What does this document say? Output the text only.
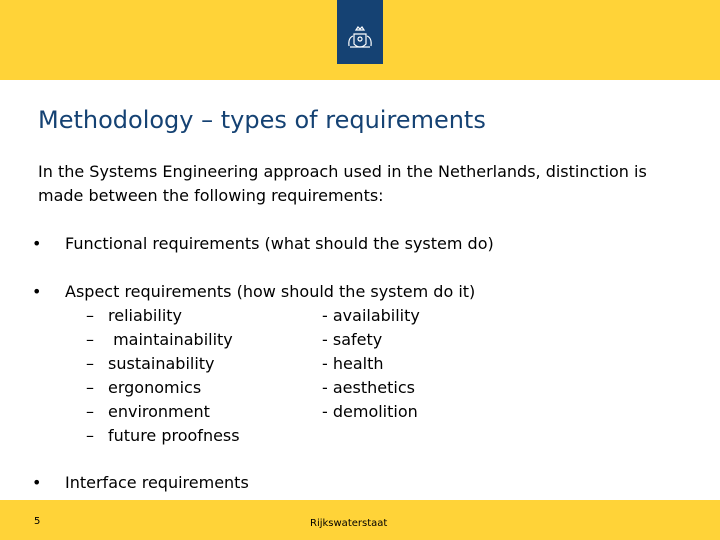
Methodology – types of requirements
In the Systems Engineering approach used in the Netherlands, distinction is made between the following requirements:
• Functional requirements (what should the system do)
• Aspect requirements (how should the system do it)
– reliability
– maintainability
– sustainability
– ergonomics
– environment
– future proofness
- availability
- safety
- health
- aesthetics
- demolition
• Interface requirements
5	Rijkswaterstaat
